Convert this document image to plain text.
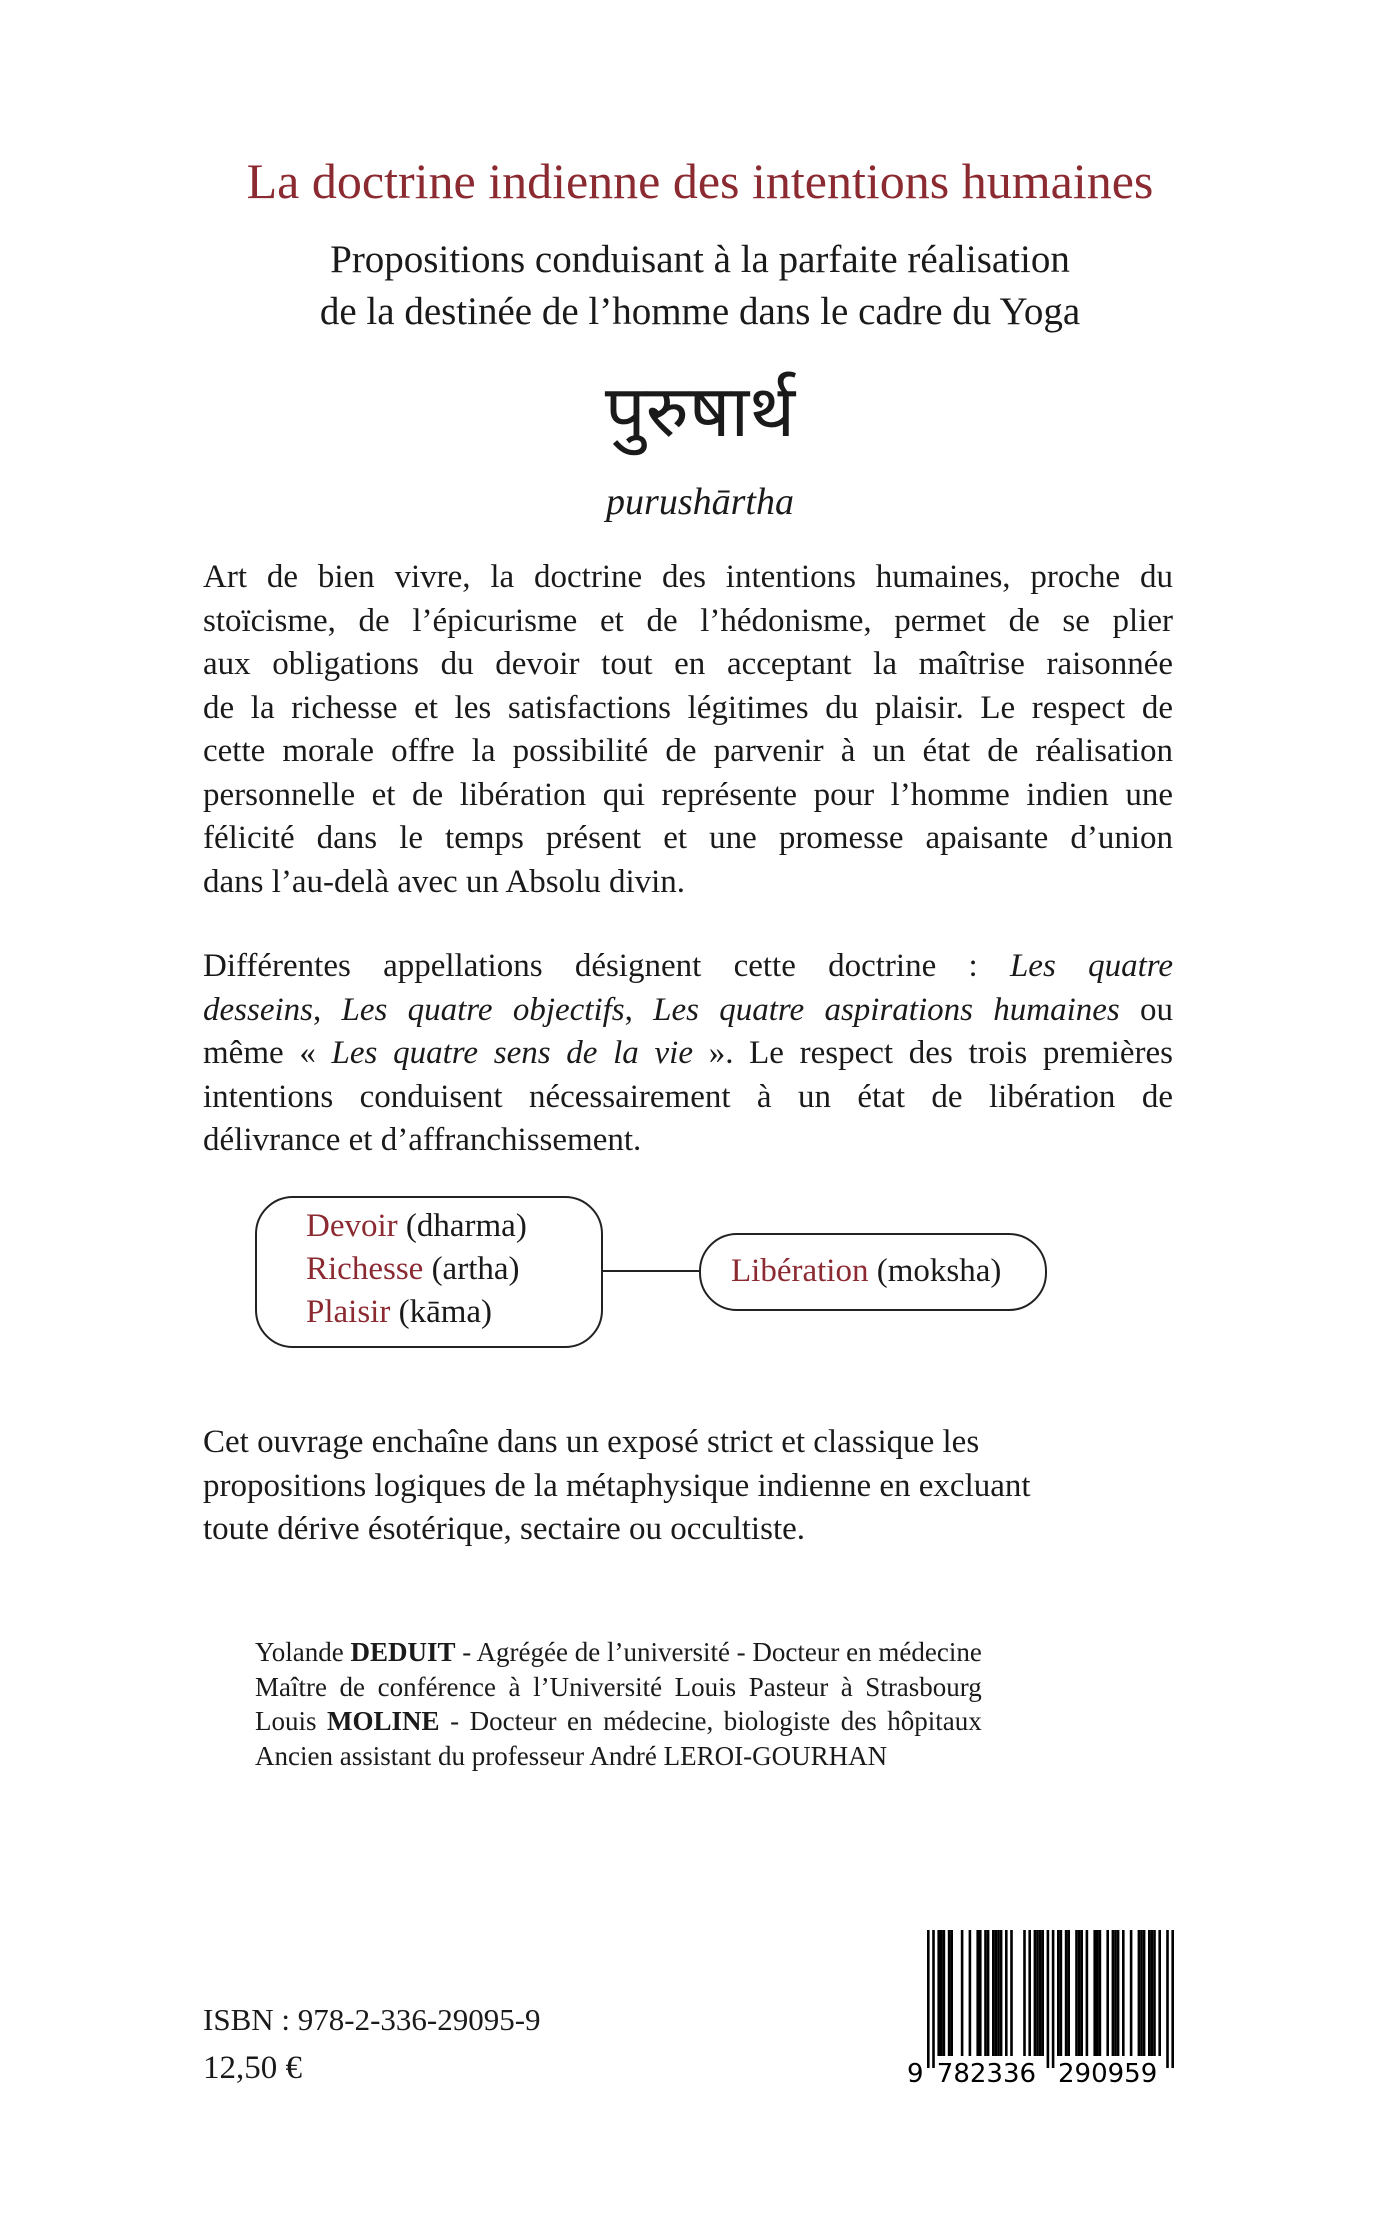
La doctrine indienne des intentions humaines
Propositions conduisant à la parfaite réalisation
de la destinée de l’homme dans le cadre du Yoga
पुरुषार्थ
purushārtha
Art de bien vivre, la doctrine des intentions humaines, proche du
stoïcisme, de l’épicurisme et de l’hédonisme, permet de se plier
aux obligations du devoir tout en acceptant la maîtrise raisonnée
de la richesse et les satisfactions légitimes du plaisir. Le respect de
cette morale offre la possibilité de parvenir à un état de réalisation
personnelle et de libération qui représente pour l’homme indien une
félicité dans le temps présent et une promesse apaisante d’union
dans l’au-delà avec un Absolu divin.
Différentes appellations désignent cette doctrine : Les quatre
desseins, Les quatre objectifs, Les quatre aspirations humaines ou
même « Les quatre sens de la vie ». Le respect des trois premières
intentions conduisent nécessairement à un état de libération de
délivrance et d’affranchissement.
Devoir (dharma)
Richesse (artha)
Plaisir (kāma)
Libération (moksha)
Cet ouvrage enchaîne dans un exposé strict et classique les
propositions logiques de la métaphysique indienne en excluant
toute dérive ésotérique, sectaire ou occultiste.
Yolande DEDUIT - Agrégée de l’université - Docteur en médecine
Maître de conférence à l’Université Louis Pasteur à Strasbourg
Louis MOLINE - Docteur en médecine, biologiste des hôpitaux
Ancien assistant du professeur André LEROI-GOURHAN
ISBN : 978-2-336-29095-9
12,50 €	9 782336 290959
